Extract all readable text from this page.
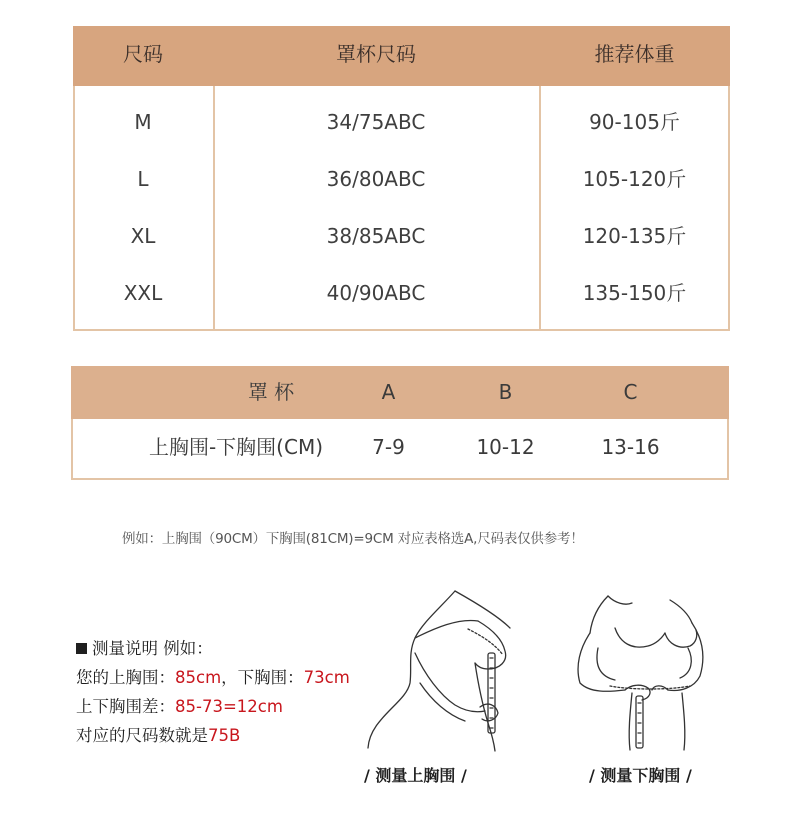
尺码	罩杯尺码	推荐体重
M	34/75ABC	90-105斤
L	36/80ABC	105-120斤
XL	38/85ABC	120-135斤
XXL	40/90ABC	135-150斤
罩 杯	A	B	C
上胸围-下胸围(CM)	7-9	10-12	13-16
例如：上胸围（90CM）下胸围(81CM)=9CM 对应表格选A,尺码表仅供参考！
测量说明 例如：
您的上胸围：85cm，下胸围：73cm
上下胸围差：85-73=12cm
对应的尺码数就是75B
/ 测量上胸围 /	/ 测量下胸围 /
